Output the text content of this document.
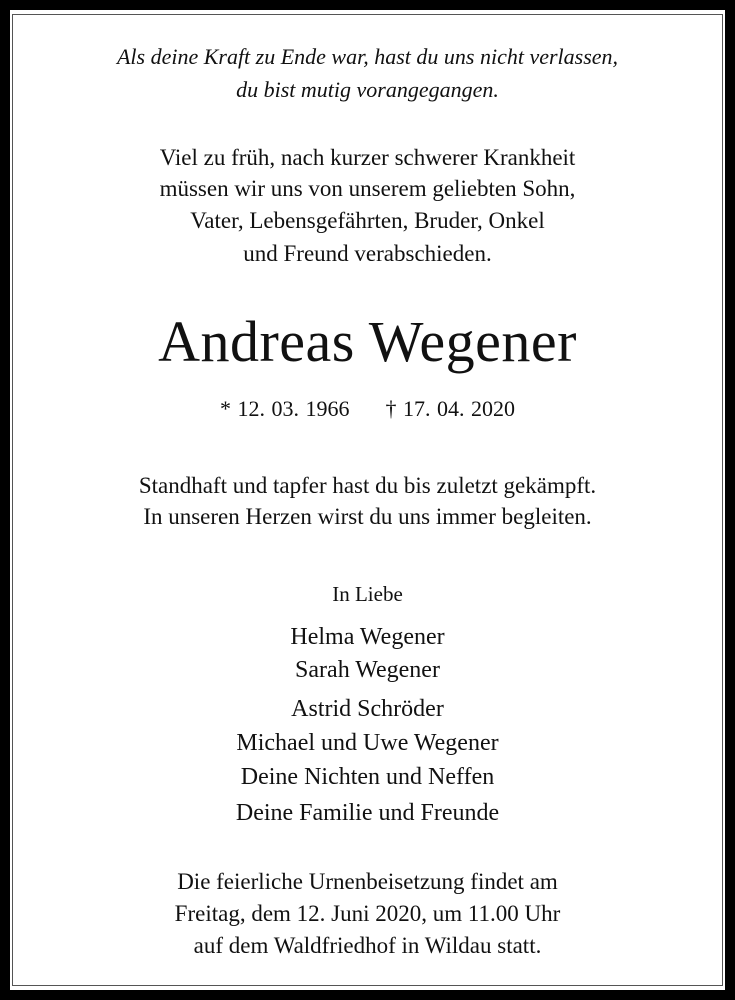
Als deine Kraft zu Ende war, hast du uns nicht verlassen,
du bist mutig vorangegangen.
Viel zu früh, nach kurzer schwerer Krankheit
müssen wir uns von unserem geliebten Sohn,
Vater, Lebensgefährten, Bruder, Onkel
und Freund verabschieden.
Andreas Wegener
* 12. 03. 1966 † 17. 04. 2020
Standhaft und tapfer hast du bis zuletzt gekämpft.
In unseren Herzen wirst du uns immer begleiten.
In Liebe
Helma Wegener
Sarah Wegener
Astrid Schröder
Michael und Uwe Wegener
Deine Nichten und Neffen
Deine Familie und Freunde
Die feierliche Urnenbeisetzung findet am
Freitag, dem 12. Juni 2020, um 11.00 Uhr
auf dem Waldfriedhof in Wildau statt.
